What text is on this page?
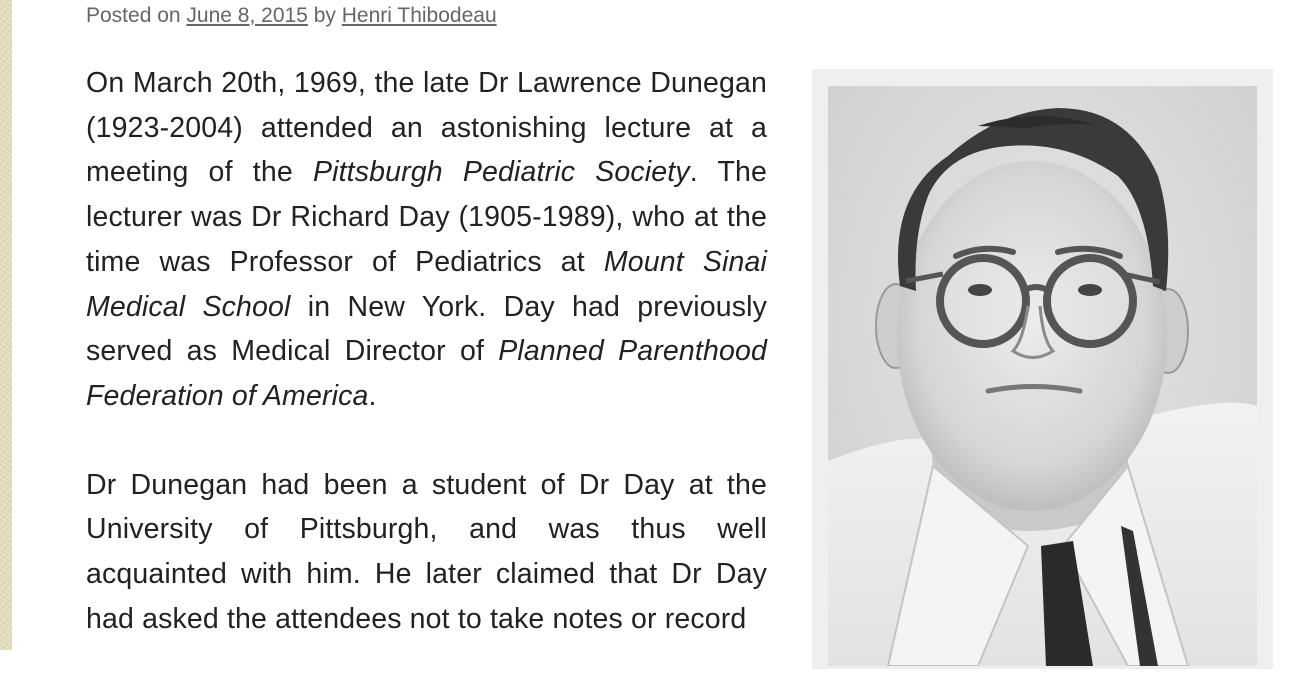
Posted on June 8, 2015 by Henri Thibodeau

On March 20th, 1969, the late Dr Lawrence Dunegan (1923-2004) attended an astonishing lecture at a meeting of the Pittsburgh Pediatric Society. The lecturer was Dr Richard Day (1905-1989), who at the time was Professor of Pediatrics at Mount Sinai Medical School in New York. Day had previously served as Medical Director of Planned Parenthood Federation of America.

Dr Dunegan had been a student of Dr Day at the University of Pittsburgh, and was thus well acquainted with him. He later claimed that Dr Day had asked the attendees not to take notes or record
